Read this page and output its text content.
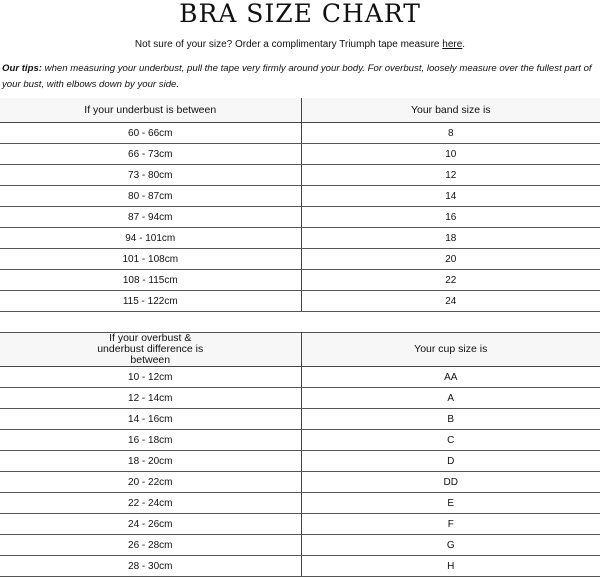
BRA SIZE CHART
Not sure of your size? Order a complimentary Triumph tape measure here.
Our tips: when measuring your underbust, pull the tape very firmly around your body. For overbust, loosely measure over the fullest part of your bust, with elbows down by your side.
If your underbust is between	Your band size is
60 - 66cm	8
66 - 73cm	10
73 - 80cm	12
80 - 87cm	14
87 - 94cm	16
94 - 101cm	18
101 - 108cm	20
108 - 115cm	22
115 - 122cm	24
If your overbust & underbust difference is between	Your cup size is
10 - 12cm	AA
12 - 14cm	A
14 - 16cm	B
16 - 18cm	C
18 - 20cm	D
20 - 22cm	DD
22 - 24cm	E
24 - 26cm	F
26 - 28cm	G
28 - 30cm	H
